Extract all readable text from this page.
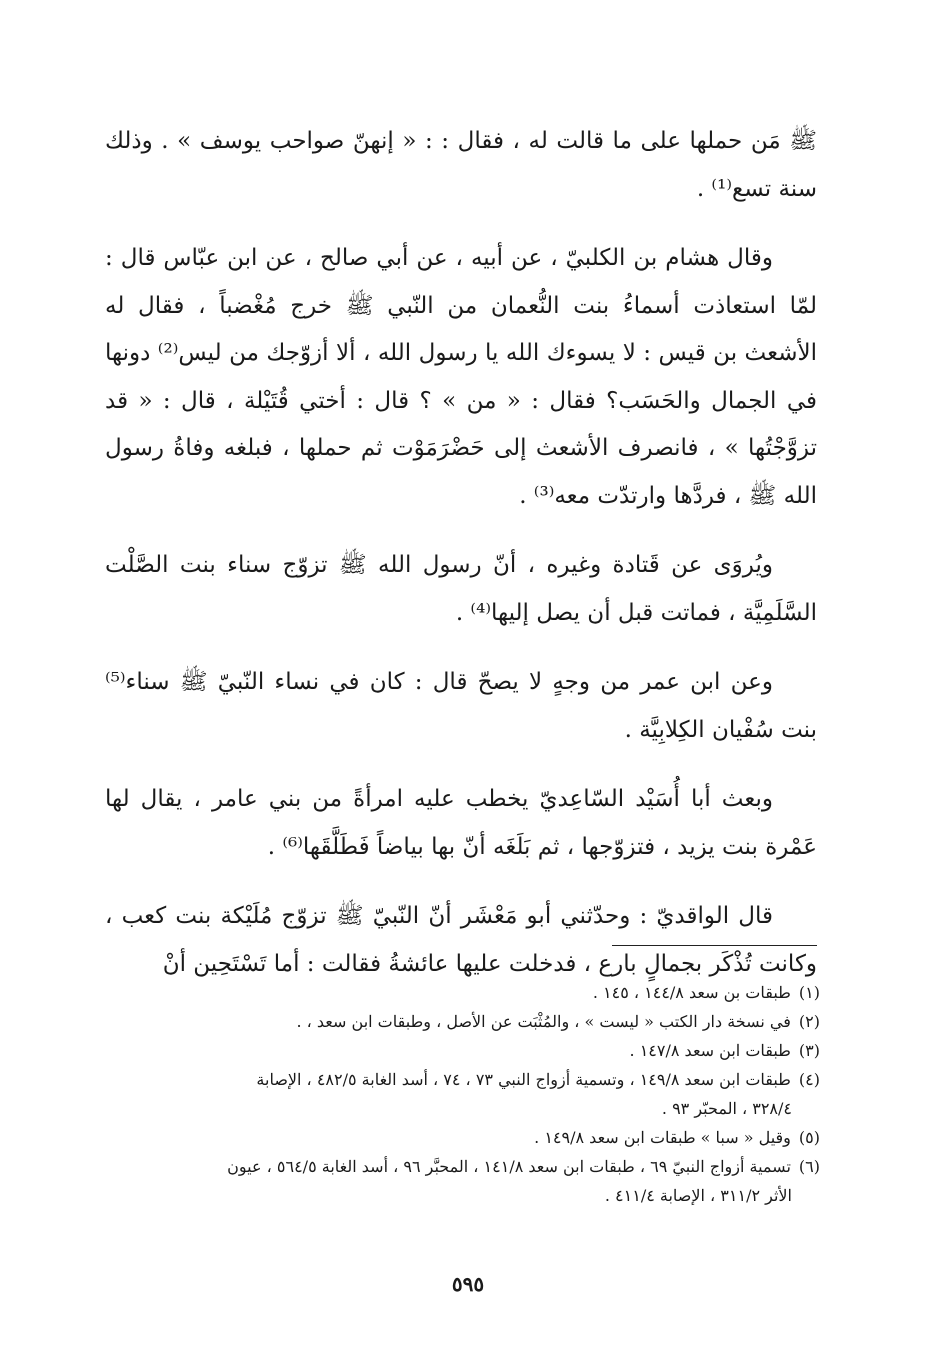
ﷺ مَن حملها على ما قالت له ، فقال : : « إنهنّ صواحب يوسف » . وذلك سنة تسع⁽¹⁾ .

وقال هشام بن الكلبيّ ، عن أبيه ، عن أبي صالح ، عن ابن عبّاس قال : لمّا استعاذت أسماءُ بنت النُّعمان من النّبي ﷺ خرج مُغْضباً ، فقال له الأشعث بن قيس : لا يسوءك الله يا رسول الله ، ألا أزوّجك من ليس⁽²⁾ دونها في الجمال والحَسَب؟ فقال : « من » ؟ قال : أختي قُتَيْلة ، قال : « قد تزوَّجْتُها » ، فانصرف الأشعث إلى حَضْرَمَوْت ثم حملها ، فبلغه وفاةُ رسول الله ﷺ ، فردَّها وارتدّت معه⁽³⁾ .

ويُروَى عن قَتادة وغيره ، أنّ رسول الله ﷺ تزوّج سناء بنت الصَّلْت السَّلَمِيَّة ، فماتت قبل أن يصل إليها⁽⁴⁾ .

وعن ابن عمر من وجهٍ لا يصحّ قال : كان في نساء النّبيّ ﷺ سناء⁽⁵⁾ بنت سُفْيان الكِلابِيَّة .

وبعث أبا أُسَيْد السّاعِديّ يخطب عليه امرأةً من بني عامر ، يقال لها عَمْرة بنت يزيد ، فتزوّجها ، ثم بَلَغَه أنّ بها بياضاً فَطَلَّقَها⁽⁶⁾ .

قال الواقديّ : وحدّثني أبو مَعْشَر أنّ النّبيّ ﷺ تزوّج مُلَيْكة بنت كعب ، وكانت تُذْكَر بجمالٍ بارع ، فدخلت عليها عائشةُ فقالت : أما تَسْتَحِين أنْ

(١)طبقات بن سعد ١٤٤/٨ ، ١٤٥ .
(٢)في نسخة دار الكتب « ليست » ، والمُثْبَت عن الأصل ، وطبقات ابن سعد ، .
(٣)طبقات ابن سعد ١٤٧/٨ .
(٤)طبقات ابن سعد ١٤٩/٨ ، وتسمية أزواج النبي ٧٣ ، ٧٤ ، أسد الغابة ٤٨٢/٥ ، الإصابة
٣٢٨/٤ ، المحبّر ٩٣ .
(٥)وقيل « سبا » طبقات ابن سعد ١٤٩/٨ .
(٦)تسمية أزواج النبيّ ٦٩ ، طبقات ابن سعد ١٤١/٨ ، المحبَّر ٩٦ ، أسد الغابة ٥٦٤/٥ ، عيون
الأثر ٣١١/٢ ، الإصابة ٤١١/٤ .
٥٩٥
